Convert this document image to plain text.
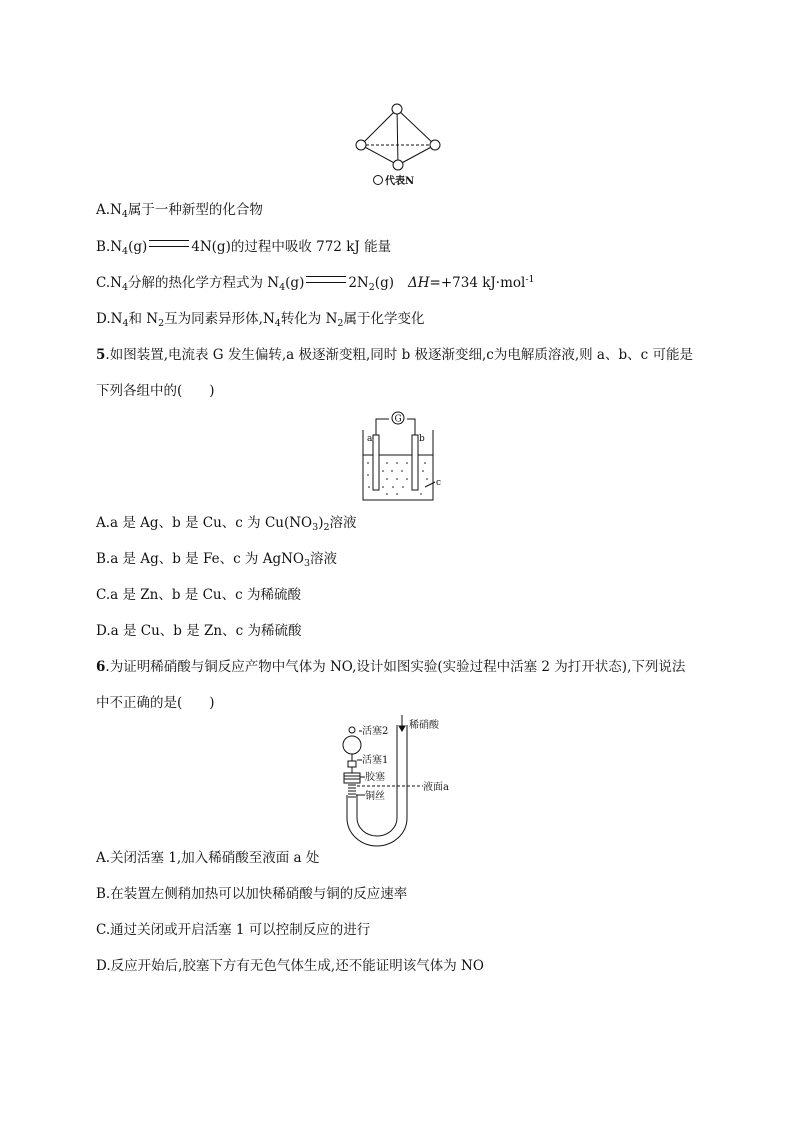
代表N
$A.N_4$属于一种新型的化合物
$B.N_4(g)$	4N(g)的过程中吸收 772 kJ 能量
$C.N_4$分解的热化学方程式为 $N_4(g)$	$2N_2(g)$ ΔH=+734 kJ·mol$^{-1}$
$D.N_4$和 $N_2$互为同素异形体$,N_4$转化为 $N_2$属于化学变化
5.如图装置,电流表 G 发生偏转,a 极逐渐变粗,同时 b 极逐渐变细,c为电解质溶液,则 a、b、c 可能是
下列各组中的(　　)
G
a	b
c
A.a 是 Ag、b 是 Cu、c 为 $Cu(NO_3)_2$溶液
B.a 是 Ag、b 是 Fe、c 为 AgNO$_3$溶液
C.a 是 Zn、b 是 Cu、c 为稀硫酸
D.a 是 Cu、b 是 Zn、c 为稀硫酸
6.为证明稀硝酸与铜反应产物中气体为 NO,设计如图实验(实验过程中活塞 2 为打开状态),下列说法
中不正确的是(　　)
活塞2
活塞1
胶塞
铜丝
稀硝酸
液面a
A.关闭活塞 1,加入稀硝酸至液面 a 处
B.在装置左侧稍加热可以加快稀硝酸与铜的反应速率
C.通过关闭或开启活塞 1 可以控制反应的进行
D.反应开始后,胶塞下方有无色气体生成,还不能证明该气体为 NO
